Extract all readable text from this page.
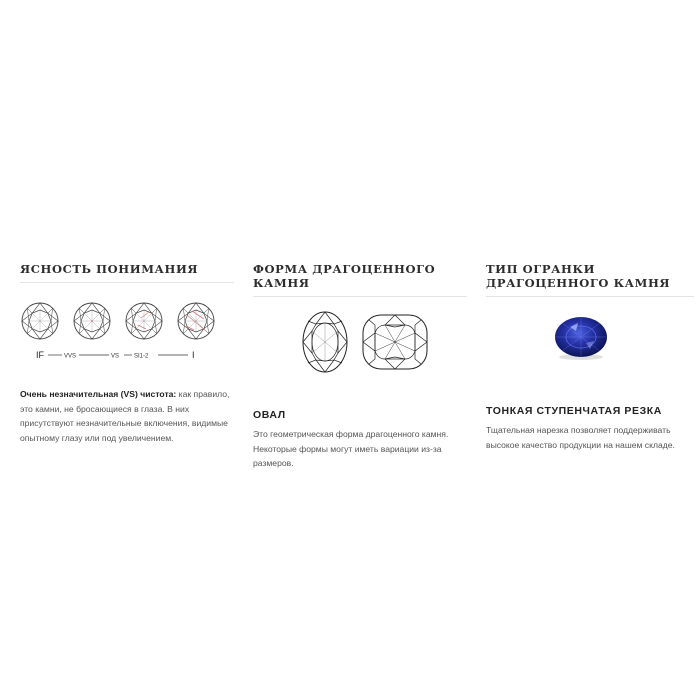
ЯСНОСТЬ ПОНИМАНИЯ
IF	VVS	VS SI1-2	I

Очень незначительная (VS) чистота: как правило, это камни, не бросающиеся в глаза. В них присутствуют незначительные включения, видимые опытному глазу или под увеличением.

ФОРМА ДРАГОЦЕННОГО КАМНЯ
ОВАЛ

Это геометрическая форма драгоценного камня. Некоторые формы могут иметь вариации из-за размеров.

ТИП ОГРАНКИ ДРАГОЦЕННОГО КАМНЯ
ТОНКАЯ СТУПЕНЧАТАЯ РЕЗКА

Тщательная нарезка позволяет поддерживать высокое качество продукции на нашем складе.
